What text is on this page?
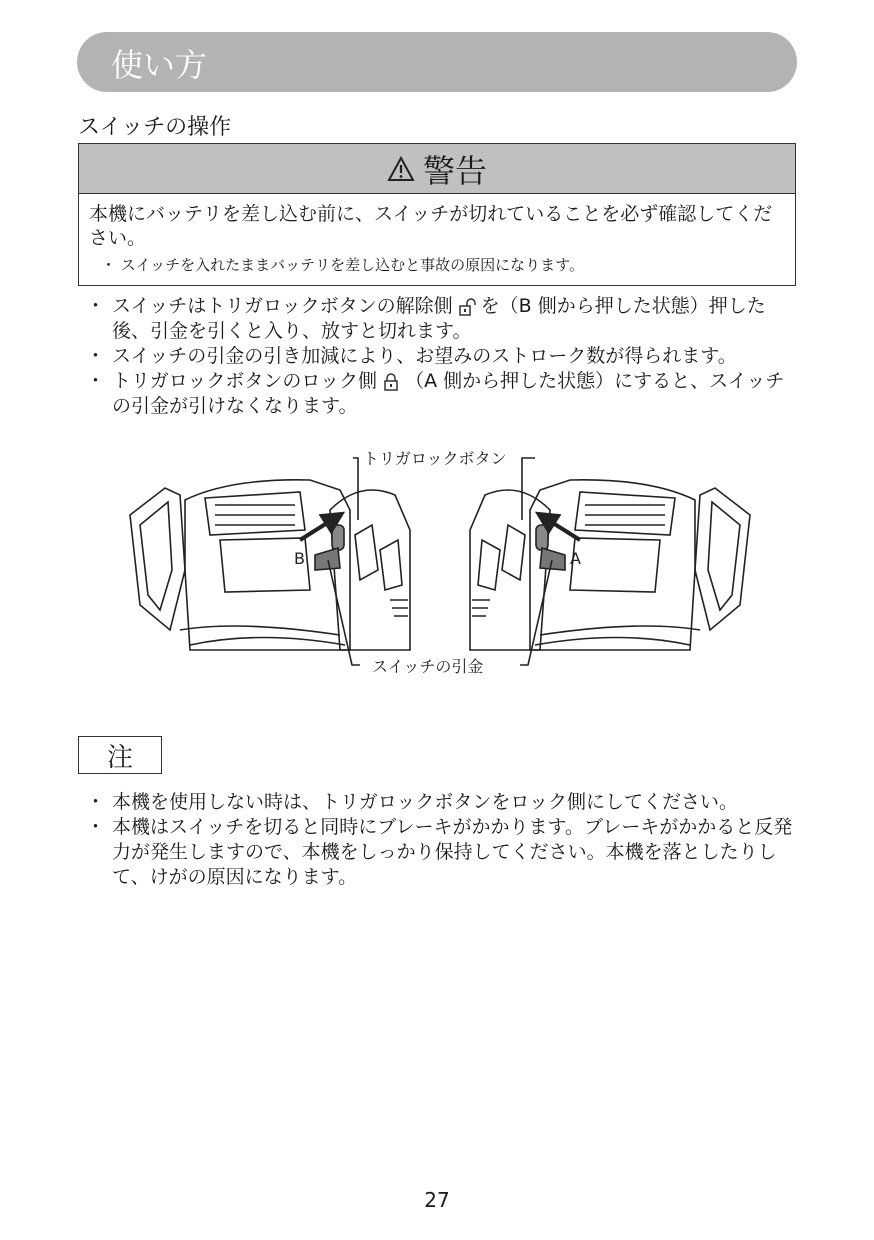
使い方
スイッチの操作
警告
本機にバッテリを差し込む前に、スイッチが切れていることを必ず確認してください。
・ スイッチを入れたままバッテリを差し込むと事故の原因になります。
・ スイッチはトリガロックボタンの解除側 を（B 側から押した状態）押した後、引金を引くと入り、放すと切れます。
・ スイッチの引金の引き加減により、お望みのストローク数が得られます。
・ トリガロックボタンのロック側 （A 側から押した状態）にすると、スイッチの引金が引けなくなります。
トリガロックボタン
スイッチの引金
B	A
注
・ 本機を使用しない時は、トリガロックボタンをロック側にしてください。
・ 本機はスイッチを切ると同時にブレーキがかかります。ブレーキがかかると反発力が発生しますので、本機をしっかり保持してください。本機を落としたりして、けがの原因になります。
27
